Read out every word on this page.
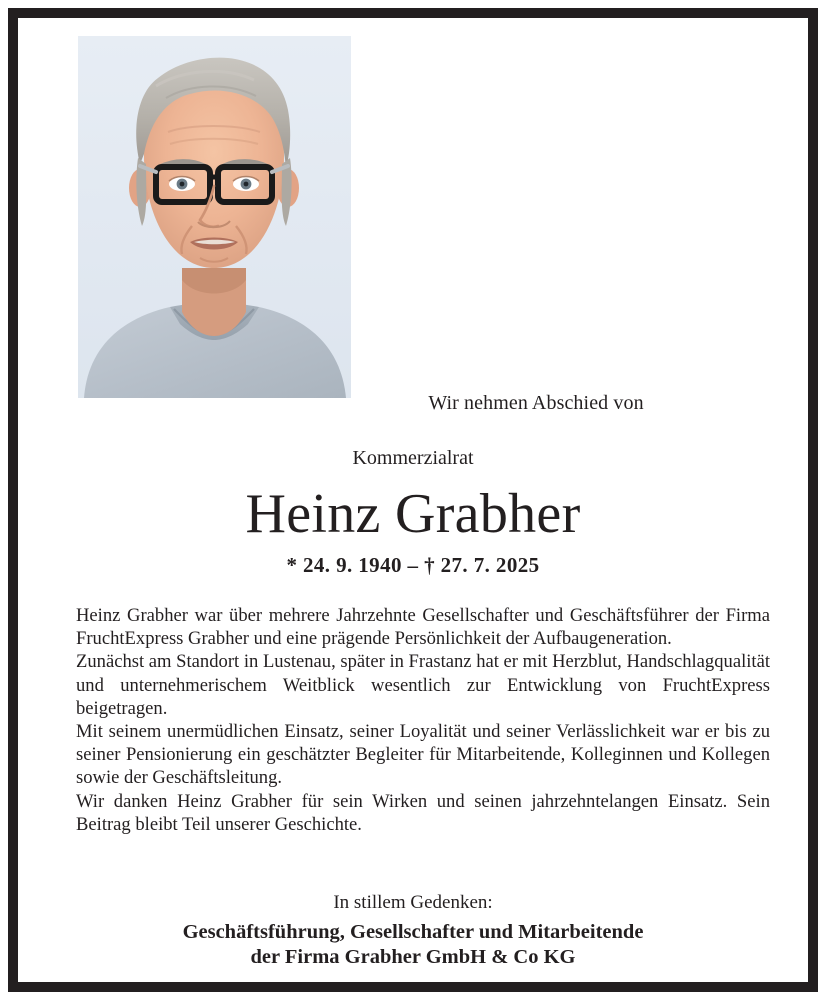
Wir nehmen Abschied von
Kommerzialrat
Heinz Grabher
* 24. 9. 1940 – † 27. 7. 2025

Heinz Grabher war über mehrere Jahrzehnte Gesellschafter und Geschäftsführer der Firma FruchtExpress Grabher und eine prägende Persönlichkeit der Aufbaugeneration.

Zunächst am Standort in Lustenau, später in Frastanz hat er mit Herzblut, Handschlagqualität und unternehmerischem Weitblick wesentlich zur Entwicklung von FruchtExpress beigetragen.

Mit seinem unermüdlichen Einsatz, seiner Loyalität und seiner Verlässlichkeit war er bis zu seiner Pensionierung ein geschätzter Begleiter für Mitarbeitende, Kolleginnen und Kollegen sowie der Geschäftsleitung.

Wir danken Heinz Grabher für sein Wirken und seinen jahrzehntelangen Einsatz. Sein Beitrag bleibt Teil unserer Geschichte.

In stillem Gedenken:
Geschäftsführung, Gesellschafter und Mitarbeitende
der Firma Grabher GmbH & Co KG
